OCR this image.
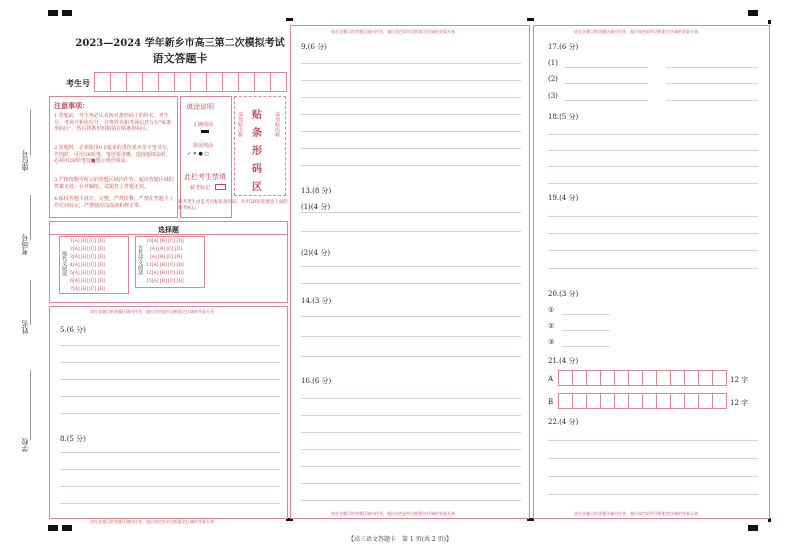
座位号
考场号
姓名
学校
2023—2024 学年新乡市高三第二次模拟考试
语文答题卡
考生号
注意事项：
1.答题前，考生务必认真核对条形码上的姓名、考生号、考场号和座位号，并将姓名和考场信息写在"贴条形码区"，然后将条形码粘贴在贴条形码区。
2.答题时，必须使用0.5毫米的黑色墨水签字笔书写，作图时，可用2B铅笔，笔迹要清晰，选择题填涂时，必须用2B铅笔按■图示规范填涂。
3.严格按题号所示的答题区域内作答，超出答题区域的答案无效；在草稿纸、试题卷上答题无效。
4.保持答题卡清洁、完整，严禁折叠，严禁在答题卡上作任何标记，严禁使用涂改液和修正带。
填涂说明
正确填涂
错误填涂
✓ ✕ ● ○
贴条形码区
请勿贴出框	请勿贴出框
此栏考生禁填
缺考标记
缺考考生由监考员粘贴条形码，并用2B铅笔填涂上面的缺考标记。
选择题
现代文阅读
1[A] [B] [C] [D]
2[A] [B] [C] [D]
3[A] [B] [C] [D]
4[A] [B] [C] [D]
5[A] [B] [C] [D]
6[A] [B] [C] [D]
7[A] [B] [C] [D]
古代诗文阅读
10[A] [B] [C] [D]
[A] [B] [C] [D]
[A] [B] [C] [D]
11[A] [B] [C] [D]
12[A] [B] [C] [D]
15[A] [B] [C] [D]
请在各题目的答题区域内作答，超出黑色矩形边框限定区域的答案无效
5.(6 分)
8.(5 分)
请在各题目的答题区域内作答，超出黑色矩形边框限定区域的答案无效
请在各题目的答题区域内作答，超出黑色矩形边框限定区域的答案无效
9.(6 分)
13.(8 分)
(1)(4 分)
(2)(4 分)
14.(3 分)
16.(6 分)
请在各题目的答题区域内作答，超出黑色矩形边框限定区域的答案无效
请在各题目的答题区域内作答，超出黑色矩形边框限定区域的答案无效
17.(6 分)
(1)
(2)
(3)
18.(5 分)
19.(4 分)
20.(3 分)
①
②
③
21.(4 分)
A	12 字
B	12 字
22.(4 分)
请在各题目的答题区域内作答，超出黑色矩形边框限定区域的答案无效
【高三语文答题卡　第 1 页(共 2 页)】
